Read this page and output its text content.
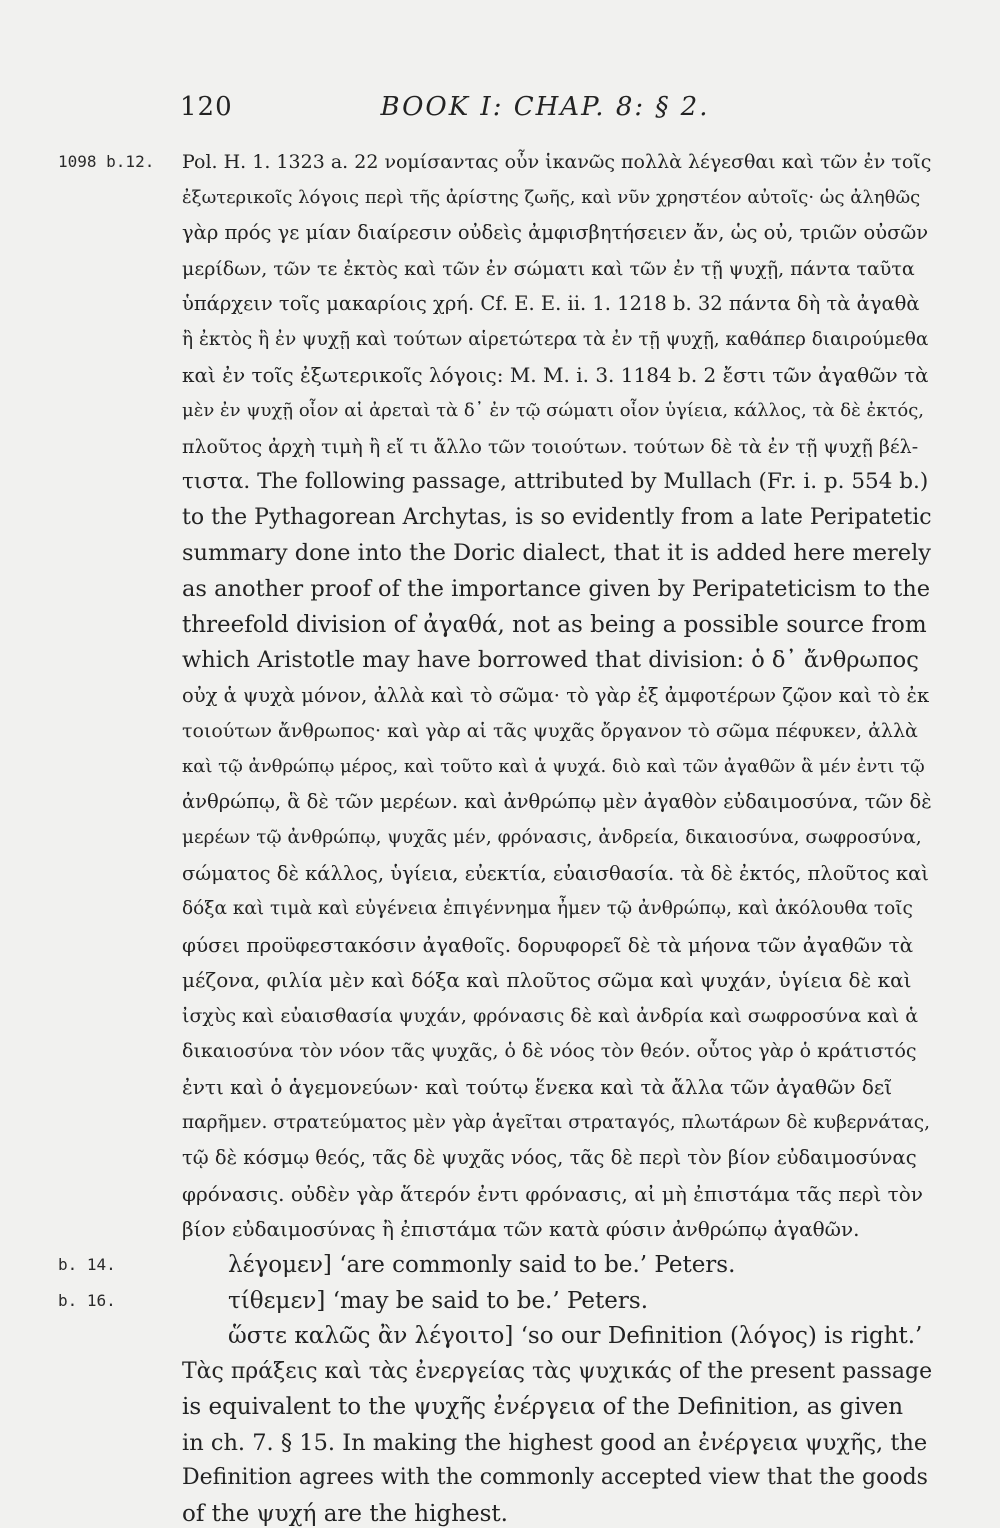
120	BOOK I: CHAP. 8: § 2.
1098 b.12.
b. 14.
b. 16.
Pol. H. 1. 1323 a. 22 νομίσαντας οὖν ἱκανῶς πολλὰ λέγεσθαι καὶ τῶν ἐν τοῖς
ἐξωτερικοῖς λόγοις περὶ τῆς ἀρίστης ζωῆς, καὶ νῦν χρηστέον αὐτοῖς· ὡς ἀληθῶς
γὰρ πρός γε μίαν διαίρεσιν οὐδεὶς ἀμφισβητήσειεν ἄν, ὡς οὐ, τριῶν οὐσῶν
μερίδων, τῶν τε ἐκτὸς καὶ τῶν ἐν σώματι καὶ τῶν ἐν τῇ ψυχῇ, πάντα ταῦτα
ὑπάρχειν τοῖς μακαρίοις χρή. Cf. E. E. ii. 1. 1218 b. 32 πάντα δὴ τὰ ἀγαθὰ
ἢ ἐκτὸς ἢ ἐν ψυχῇ καὶ τούτων αἱρετώτερα τὰ ἐν τῇ ψυχῇ, καθάπερ διαιρούμεθα
καὶ ἐν τοῖς ἐξωτερικοῖς λόγοις: M. M. i. 3. 1184 b. 2 ἔστι τῶν ἀγαθῶν τὰ
μὲν ἐν ψυχῇ οἷον αἱ ἀρεταὶ τὰ δ᾽ ἐν τῷ σώματι οἷον ὑγίεια, κάλλος, τὰ δὲ ἐκτός,
πλοῦτος ἀρχὴ τιμὴ ἢ εἴ τι ἄλλο τῶν τοιούτων. τούτων δὲ τὰ ἐν τῇ ψυχῇ βέλ-
τιστα. The following passage, attributed by Mullach (Fr. i. p. 554 b.)
to the Pythagorean Archytas, is so evidently from a late Peripatetic
summary done into the Doric dialect, that it is added here merely
as another proof of the importance given by Peripateticism to the
threefold division of ἀγαθά, not as being a possible source from
which Aristotle may have borrowed that division: ὁ δ᾽ ἄνθρωπος
οὐχ ἁ ψυχὰ μόνον, ἀλλὰ καὶ τὸ σῶμα· τὸ γὰρ ἐξ ἀμφοτέρων ζῷον καὶ τὸ ἐκ
τοιούτων ἄνθρωπος· καὶ γὰρ αἱ τᾶς ψυχᾶς ὄργανον τὸ σῶμα πέφυκεν, ἀλλὰ
καὶ τῷ ἀνθρώπῳ μέρος, καὶ τοῦτο καὶ ἁ ψυχά. διὸ καὶ τῶν ἀγαθῶν ἃ μέν ἐντι τῷ
ἀνθρώπῳ, ἃ δὲ τῶν μερέων. καὶ ἀνθρώπῳ μὲν ἀγαθὸν εὐδαιμοσύνα, τῶν δὲ
μερέων τῷ ἀνθρώπῳ, ψυχᾶς μέν, φρόνασις, ἀνδρεία, δικαιοσύνα, σωφροσύνα,
σώματος δὲ κάλλος, ὑγίεια, εὐεκτία, εὐαισθασία. τὰ δὲ ἐκτός, πλοῦτος καὶ
δόξα καὶ τιμὰ καὶ εὐγένεια ἐπιγέννημα ἦμεν τῷ ἀνθρώπῳ, καὶ ἀκόλουθα τοῖς
φύσει προϋφεστακόσιν ἀγαθοῖς. δορυφορεῖ δὲ τὰ μήονα τῶν ἀγαθῶν τὰ
μέζονα, φιλία μὲν καὶ δόξα καὶ πλοῦτος σῶμα καὶ ψυχάν, ὑγίεια δὲ καὶ
ἰσχὺς καὶ εὐαισθασία ψυχάν, φρόνασις δὲ καὶ ἀνδρία καὶ σωφροσύνα καὶ ἁ
δικαιοσύνα τὸν νόον τᾶς ψυχᾶς, ὁ δὲ νόος τὸν θεόν. οὗτος γὰρ ὁ κράτιστός
ἐντι καὶ ὁ ἁγεμονεύων· καὶ τούτῳ ἕνεκα καὶ τὰ ἄλλα τῶν ἀγαθῶν δεῖ
παρῆμεν. στρατεύματος μὲν γὰρ ἁγεῖται στραταγός, πλωτάρων δὲ κυβερνάτας,
τῷ δὲ κόσμῳ θεός, τᾶς δὲ ψυχᾶς νόος, τᾶς δὲ περὶ τὸν βίον εὐδαιμοσύνας
φρόνασις. οὐδὲν γὰρ ἅτερόν ἐντι φρόνασις, αἰ μὴ ἐπιστάμα τᾶς περὶ τὸν
βίον εὐδαιμοσύνας ἢ ἐπιστάμα τῶν κατὰ φύσιν ἀνθρώπῳ ἀγαθῶν.
λέγομεν] ‘are commonly said to be.’ Peters.
τίθεμεν] ‘may be said to be.’ Peters.
ὥστε καλῶς ἂν λέγοιτο] ‘so our Definition (λόγος) is right.’
Τὰς πράξεις καὶ τὰς ἐνεργείας τὰς ψυχικάς of the present passage
is equivalent to the ψυχῆς ἐνέργεια of the Definition, as given
in ch. 7. § 15. In making the highest good an ἐνέργεια ψυχῆς, the
Definition agrees with the commonly accepted view that the goods
of the ψυχή are the highest.
